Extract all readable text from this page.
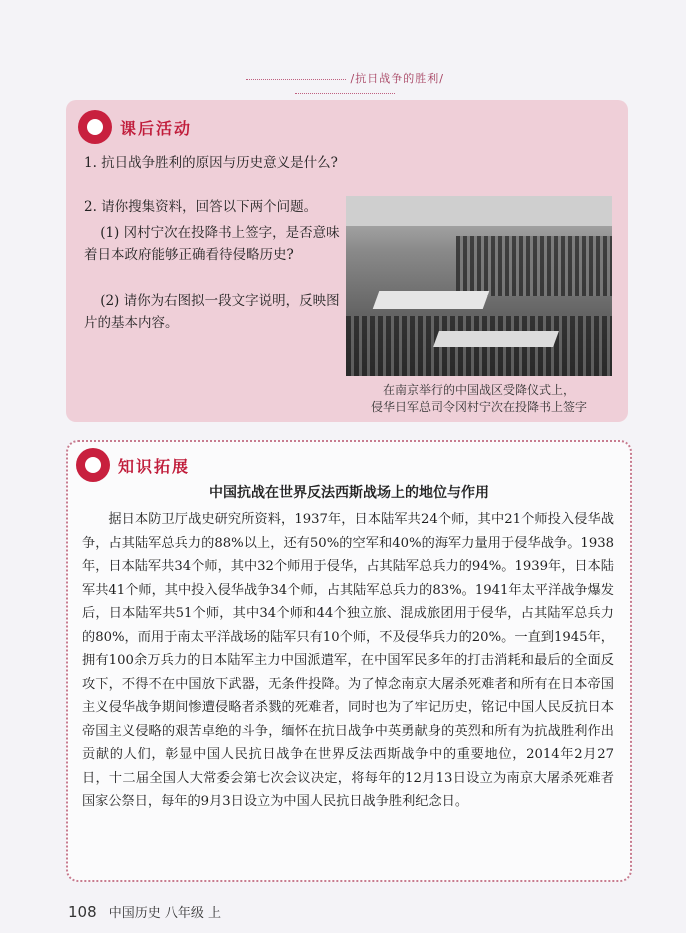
/抗日战争的胜利/
课后活动
1. 抗日战争胜利的原因与历史意义是什么?
2. 请你搜集资料，回答以下两个问题。
(1) 冈村宁次在投降书上签字，是否意味着日本政府能够正确看待侵略历史?
(2) 请你为右图拟一段文字说明，反映图片的基本内容。
在南京举行的中国战区受降仪式上，
侵华日军总司令冈村宁次在投降书上签字
知识拓展
中国抗战在世界反法西斯战场上的地位与作用
据日本防卫厅战史研究所资料，1937年，日本陆军共24个师，其中21个师投入侵华战争，占其陆军总兵力的88%以上，还有50%的空军和40%的海军力量用于侵华战争。1938年，日本陆军共34个师，其中32个师用于侵华，占其陆军总兵力的94%。1939年，日本陆军共41个师，其中投入侵华战争34个师，占其陆军总兵力的83%。1941年太平洋战争爆发后，日本陆军共51个师，其中34个师和44个独立旅、混成旅团用于侵华，占其陆军总兵力的80%，而用于南太平洋战场的陆军只有10个师，不及侵华兵力的20%。一直到1945年，拥有100余万兵力的日本陆军主力中国派遣军，在中国军民多年的打击消耗和最后的全面反攻下，不得不在中国放下武器，无条件投降。为了悼念南京大屠杀死难者和所有在日本帝国主义侵华战争期间惨遭侵略者杀戮的死难者，同时也为了牢记历史，铭记中国人民反抗日本帝国主义侵略的艰苦卓绝的斗争，缅怀在抗日战争中英勇献身的英烈和所有为抗战胜利作出贡献的人们，彰显中国人民抗日战争在世界反法西斯战争中的重要地位，2014年2月27日，十二届全国人大常委会第七次会议决定，将每年的12月13日设立为南京大屠杀死难者国家公祭日，每年的9月3日设立为中国人民抗日战争胜利纪念日。
108 中国历史 八年级 上
